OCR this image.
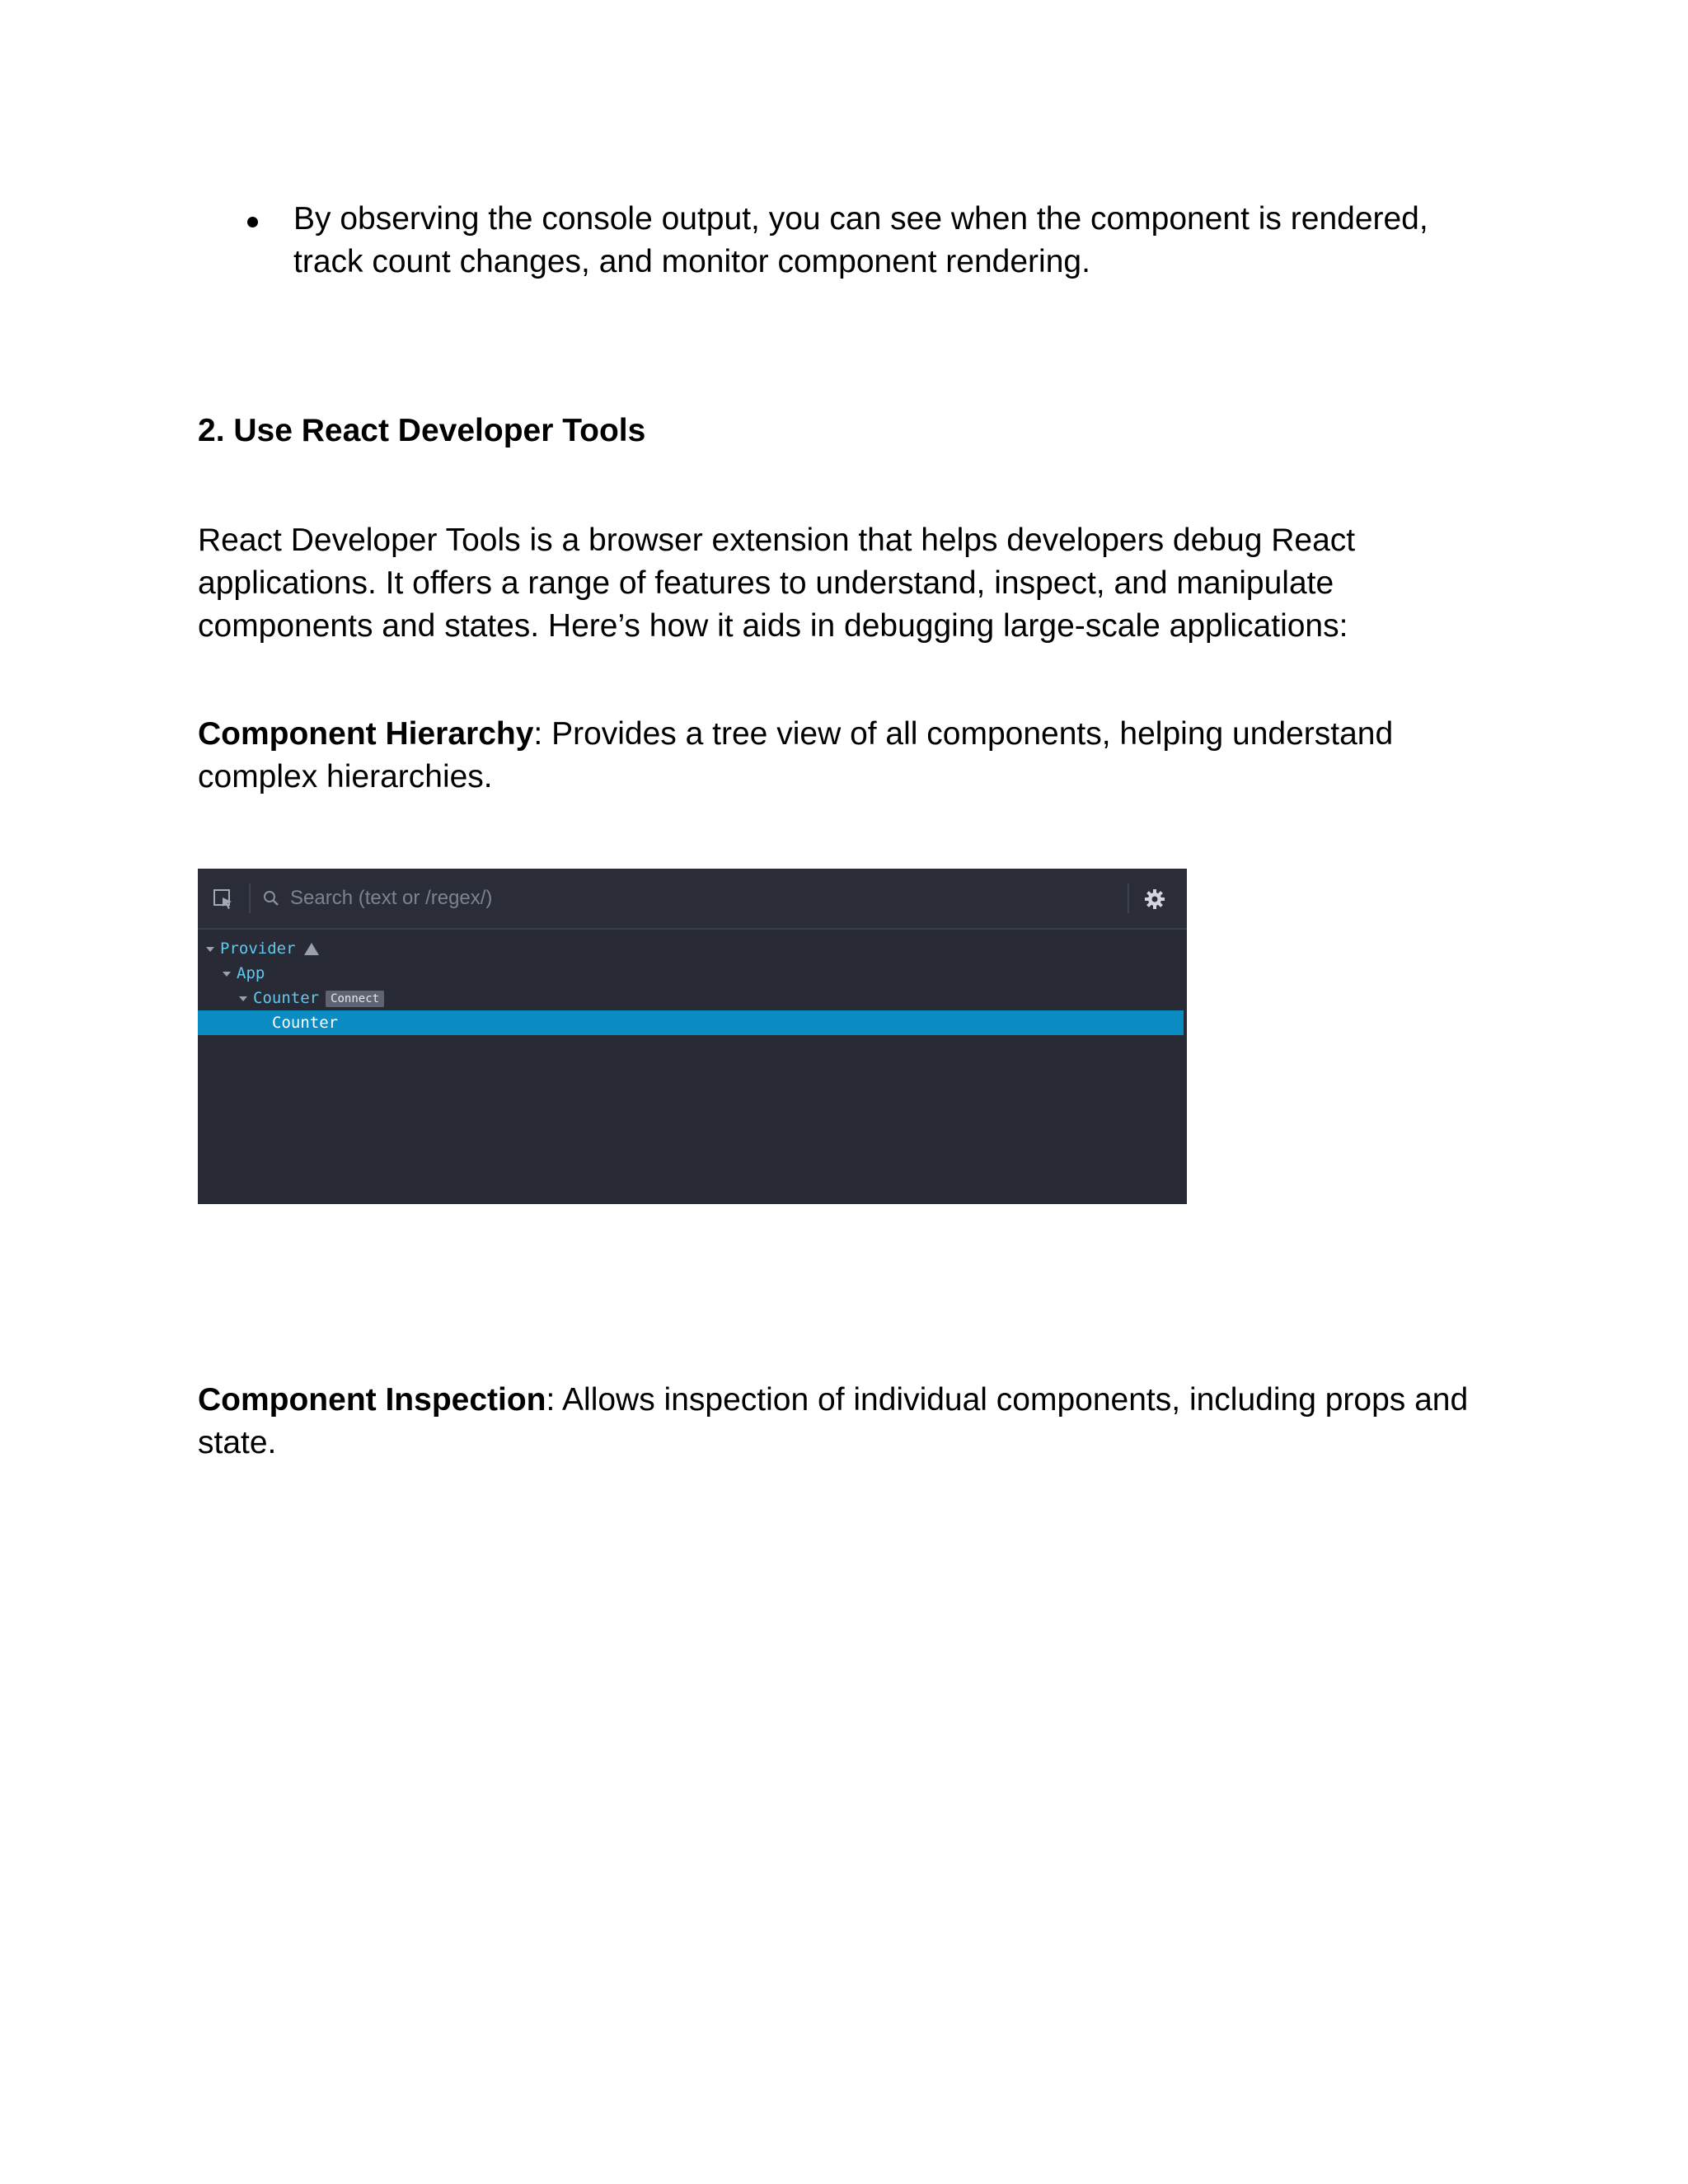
By observing the console output, you can see when the component is rendered, track count changes, and monitor component rendering.
2. Use React Developer Tools
React Developer Tools is a browser extension that helps developers debug React applications. It offers a range of features to understand, inspect, and manipulate components and states. Here’s how it aids in debugging large-scale applications:
Component Hierarchy: Provides a tree view of all components, helping understand complex hierarchies.
Search (text or /regex/)
Provider
App
Counter Connect
Counter
Component Inspection: Allows inspection of individual components, including props and state.
